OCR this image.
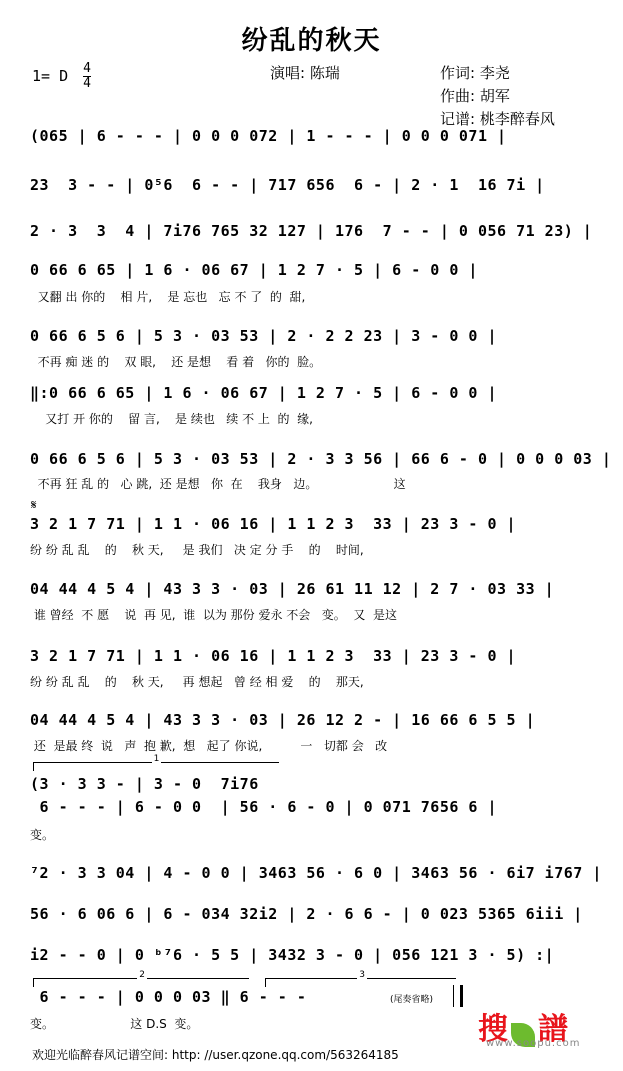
纷乱的秋天
1= D $\frac{4}{4}$	演唱: 陈瑞	作词: 李尧
作曲: 胡军
记谱: 桃李醉春风
(065 | 6 - - - | 0 0 0 072 | 1 - - - | 0 0 0 071 |
23  3 - - | 0⁵6  6 - - | 717 656  6 - | 2 · 1  16 7i |
2 · 3  3  4 | 7i76 765 32 127 | 176  7 - - | 0 056 71 23) |
0 66 6 65 | 1 6 · 06 67 | 1 2 7 · 5 | 6 - 0 0 |
又翻 出 你的    相 片,    是 忘也   忘 不 了  的  甜,
0 66 6 5 6 | 5 3 · 03 53 | 2 · 2 2 23 | 3 - 0 0 |
不再 痴 迷 的    双 眼,    还 是想    看 着   你的  脸。
‖:0 66 6 65 | 1 6 · 06 67 | 1 2 7 · 5 | 6 - 0 0 |
又打 开 你的    留 言,    是 续也   续 不 上  的  缘,
0 66 6 5 6 | 5 3 · 03 53 | 2 · 3 3 56 | 66 6 - 0 | 0 0 0 03 |
不再 狂 乱 的   心 跳,  还 是想   你  在    我身   边。                    这
𝄋
3 2 1 7 71 | 1 1 · 06 16 | 1 1 2 3  33 | 23 3 - 0 |
纷 纷 乱 乱    的    秋 天,     是 我们   决 定 分 手    的    时间,
04 44 4 5 4 | 43 3 3 · 03 | 26 61 11 12 | 2 7 · 03 33 |
谁 曾经  不 愿    说  再 见,  谁  以为 那份 爱永 不会   变。  又  是这
3 2 1 7 71 | 1 1 · 06 16 | 1 1 2 3  33 | 23 3 - 0 |
纷 纷 乱 乱    的    秋 天,     再 想起   曾 经 相 爱    的    那天,
04 44 4 5 4 | 43 3 3 · 03 | 26 12 2 - | 16 66 6 5 5 |
还  是最 终  说   声  抱 歉,  想   起了 你说,          一   切都 会   改
1
(3 · 3 3 - | 3 - 0  7i76
6 - - - | 6 - 0 0  | 56 · 6 - 0 | 0 071 7656 6 |
变。
⁷2 · 3 3 04 | 4 - 0 0 | 3463 56 · 6 0 | 3463 56 · 6i7 i767 |
56 · 6 06 6 | 6 - 034 32i2 | 2 · 6 6 - | 0 023 5365 6iii |
i2 - - 0 | 0 ᵇ⁷6 · 5 5 | 3432 3 - 0 | 056 121 3 · 5) :|
2	3
6 - - - | 0 0 0 03 ‖ 6 - - -	(尾奏省略)
变。                    这 D.S  变。	搜 譜
www.soopu.com
欢迎光临醉春风记谱空间: http: //user.qzone.qq.com/563264185
